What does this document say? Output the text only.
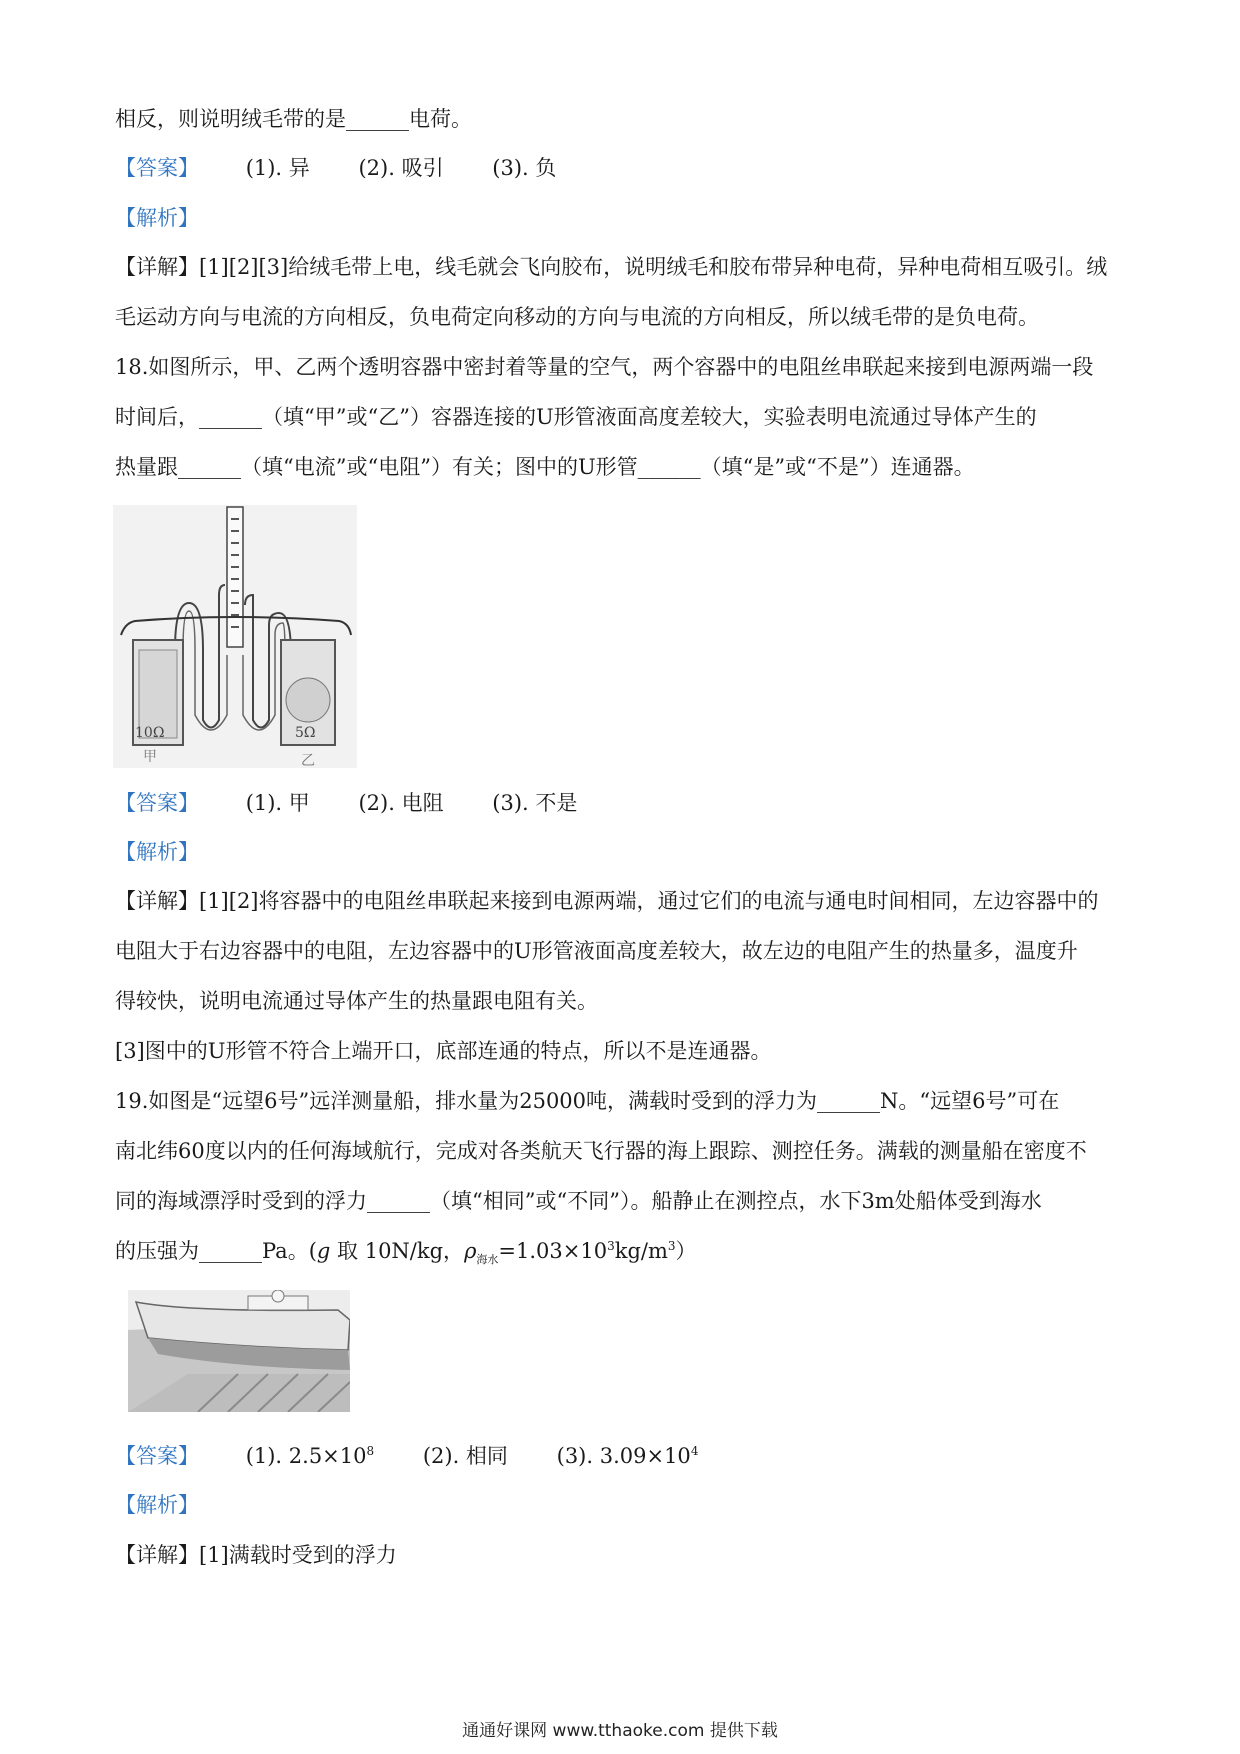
相反，则说明绒毛带的是______电荷。
【答案】 (1). 异 (2). 吸引 (3). 负
【解析】
【详解】[1][2][3]给绒毛带上电，线毛就会飞向胶布，说明绒毛和胶布带异种电荷，异种电荷相互吸引。绒
毛运动方向与电流的方向相反，负电荷定向移动的方向与电流的方向相反，所以绒毛带的是负电荷。
18.如图所示，甲、乙两个透明容器中密封着等量的空气，两个容器中的电阻丝串联起来接到电源两端一段
时间后，______（填“甲”或“乙”）容器连接的U形管液面高度差较大，实验表明电流通过导体产生的
热量跟______（填“电流”或“电阻”）有关；图中的U形管______（填“是”或“不是”）连通器。
10Ω	5Ω
甲	乙
【答案】 (1). 甲 (2). 电阻 (3). 不是
【解析】
【详解】[1][2]将容器中的电阻丝串联起来接到电源两端，通过它们的电流与通电时间相同，左边容器中的
电阻大于右边容器中的电阻，左边容器中的U形管液面高度差较大，故左边的电阻产生的热量多，温度升
得较快，说明电流通过导体产生的热量跟电阻有关。
[3]图中的U形管不符合上端开口，底部连通的特点，所以不是连通器。
19.如图是“远望6号”远洋测量船，排水量为25000吨，满载时受到的浮力为______N。“远望6号”可在
南北纬60度以内的任何海域航行，完成对各类航天飞行器的海上跟踪、测控任务。满载的测量船在密度不
同的海域漂浮时受到的浮力______（填“相同”或“不同”）。船静止在测控点，水下3m处船体受到海水
的压强为______Pa。(g 取 10N/kg，$\rho_{海水}=1.03\times 10^3kg/m^3$）
【答案】 (1). $2.5\times 10^8$ (2). 相同 (3). $3.09\times 10^4$
【解析】
【详解】[1]满载时受到的浮力
通通好课网 www.tthaoke.com 提供下载
